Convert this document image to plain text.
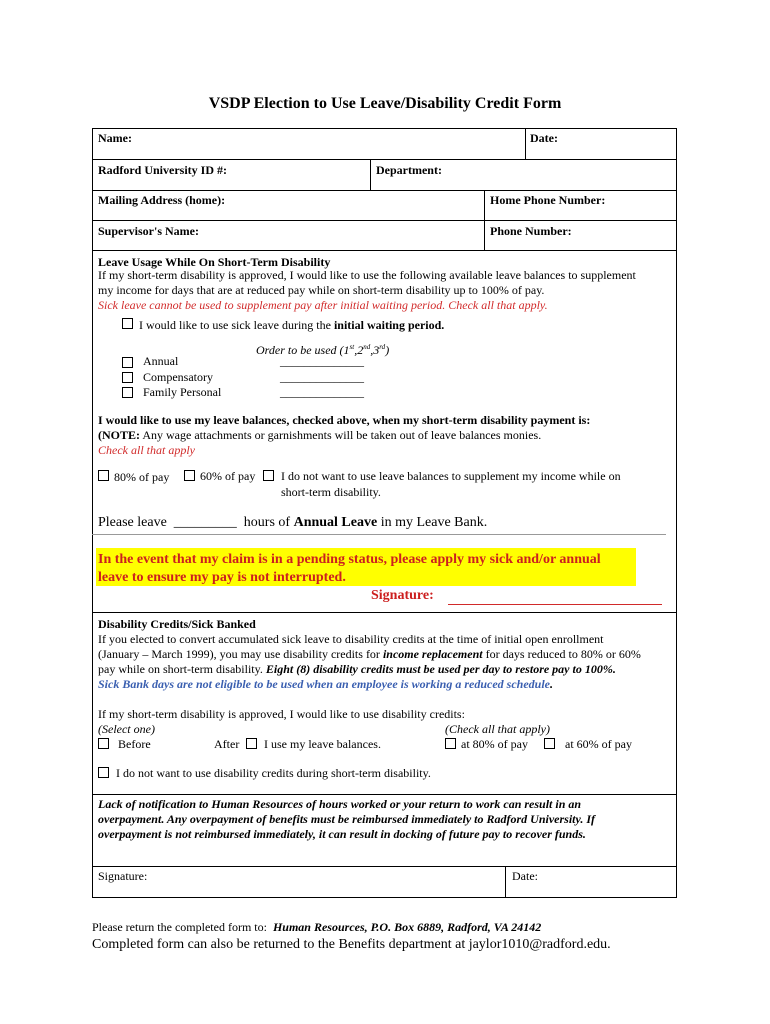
VSDP Election to Use Leave/Disability Credit Form
Name:	Date:
Radford University ID #:	Department:
Mailing Address (home):	Home Phone Number:
Supervisor's Name:	Phone Number:
Leave Usage While On Short-Term Disability
If my short-term disability is approved, I would like to use the following available leave balances to supplement
my income for days that are at reduced pay while on short-term disability up to 100% of pay.
Sick leave cannot be used to supplement pay after initial waiting period. Check all that apply.
I would like to use sick leave during the initial waiting period.
Order to be used (1st,2nd,3rd)
Annual	______________
Compensatory	______________
Family Personal	______________
I would like to use my leave balances, checked above, when my short-term disability payment is:
(NOTE: Any wage attachments or garnishments will be taken out of leave balances monies.
Check all that apply
80% of pay	60% of pay I do not want to use leave balances to supplement my income while on
short-term disability.
Please leave _________ hours of Annual Leave in my Leave Bank.
In the event that my claim is in a pending status, please apply my sick and/or annual
leave to ensure my pay is not interrupted.
Signature:
Disability Credits/Sick Banked
If you elected to convert accumulated sick leave to disability credits at the time of initial open enrollment
(January – March 1999), you may use disability credits for income replacement for days reduced to 80% or 60%
pay while on short-term disability. Eight (8) disability credits must be used per day to restore pay to 100%.
Sick Bank days are not eligible to be used when an employee is working a reduced schedule.
If my short-term disability is approved, I would like to use disability credits:
(Select one)	(Check all that apply)
Before	After I use my leave balances.	at 80% of pay	at 60% of pay
I do not want to use disability credits during short-term disability.
Lack of notification to Human Resources of hours worked or your return to work can result in an
overpayment. Any overpayment of benefits must be reimbursed immediately to Radford University. If
overpayment is not reimbursed immediately, it can result in docking of future pay to recover funds.
Signature:	Date:
Please return the completed form to: Human Resources, P.O. Box 6889, Radford, VA 24142
Completed form can also be returned to the Benefits department at jaylor1010@radford.edu.
